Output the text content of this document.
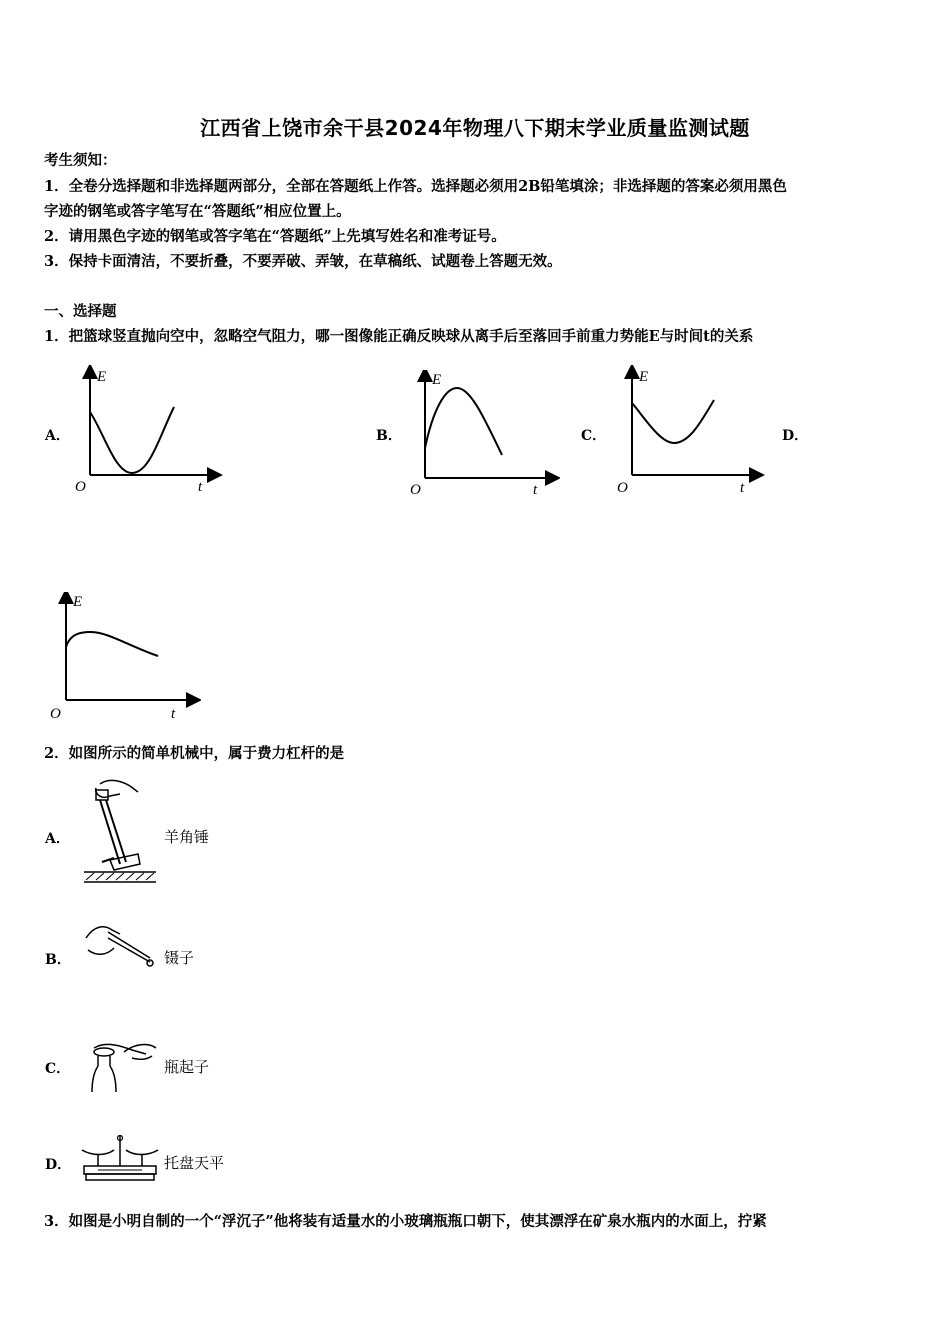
江西省上饶市余干县2024年物理八下期末学业质量监测试题
考生须知：
1．全卷分选择题和非选择题两部分，全部在答题纸上作答。选择题必须用2B铅笔填涂；非选择题的答案必须用黑色
字迹的钢笔或答字笔写在“答题纸”相应位置上。
2．请用黑色字迹的钢笔或答字笔在“答题纸”上先填写姓名和准考证号。
3．保持卡面清洁，不要折叠，不要弄破、弄皱，在草稿纸、试题卷上答题无效。
一、选择题
1．把篮球竖直抛向空中，忽略空气阻力，哪一图像能正确反映球从离手后至落回手前重力势能E与时间t的关系
A．	B．	C．	D．
E
t
O
E
t
O
E
t
O
E
t
O
2．如图所示的简单机械中，属于费力杠杆的是
A．	羊角锤
B．	镊子
C．	瓶起子
D．	托盘天平
3．如图是小明自制的一个“浮沉子”他将装有适量水的小玻璃瓶瓶口朝下，使其漂浮在矿泉水瓶内的水面上，拧紧
